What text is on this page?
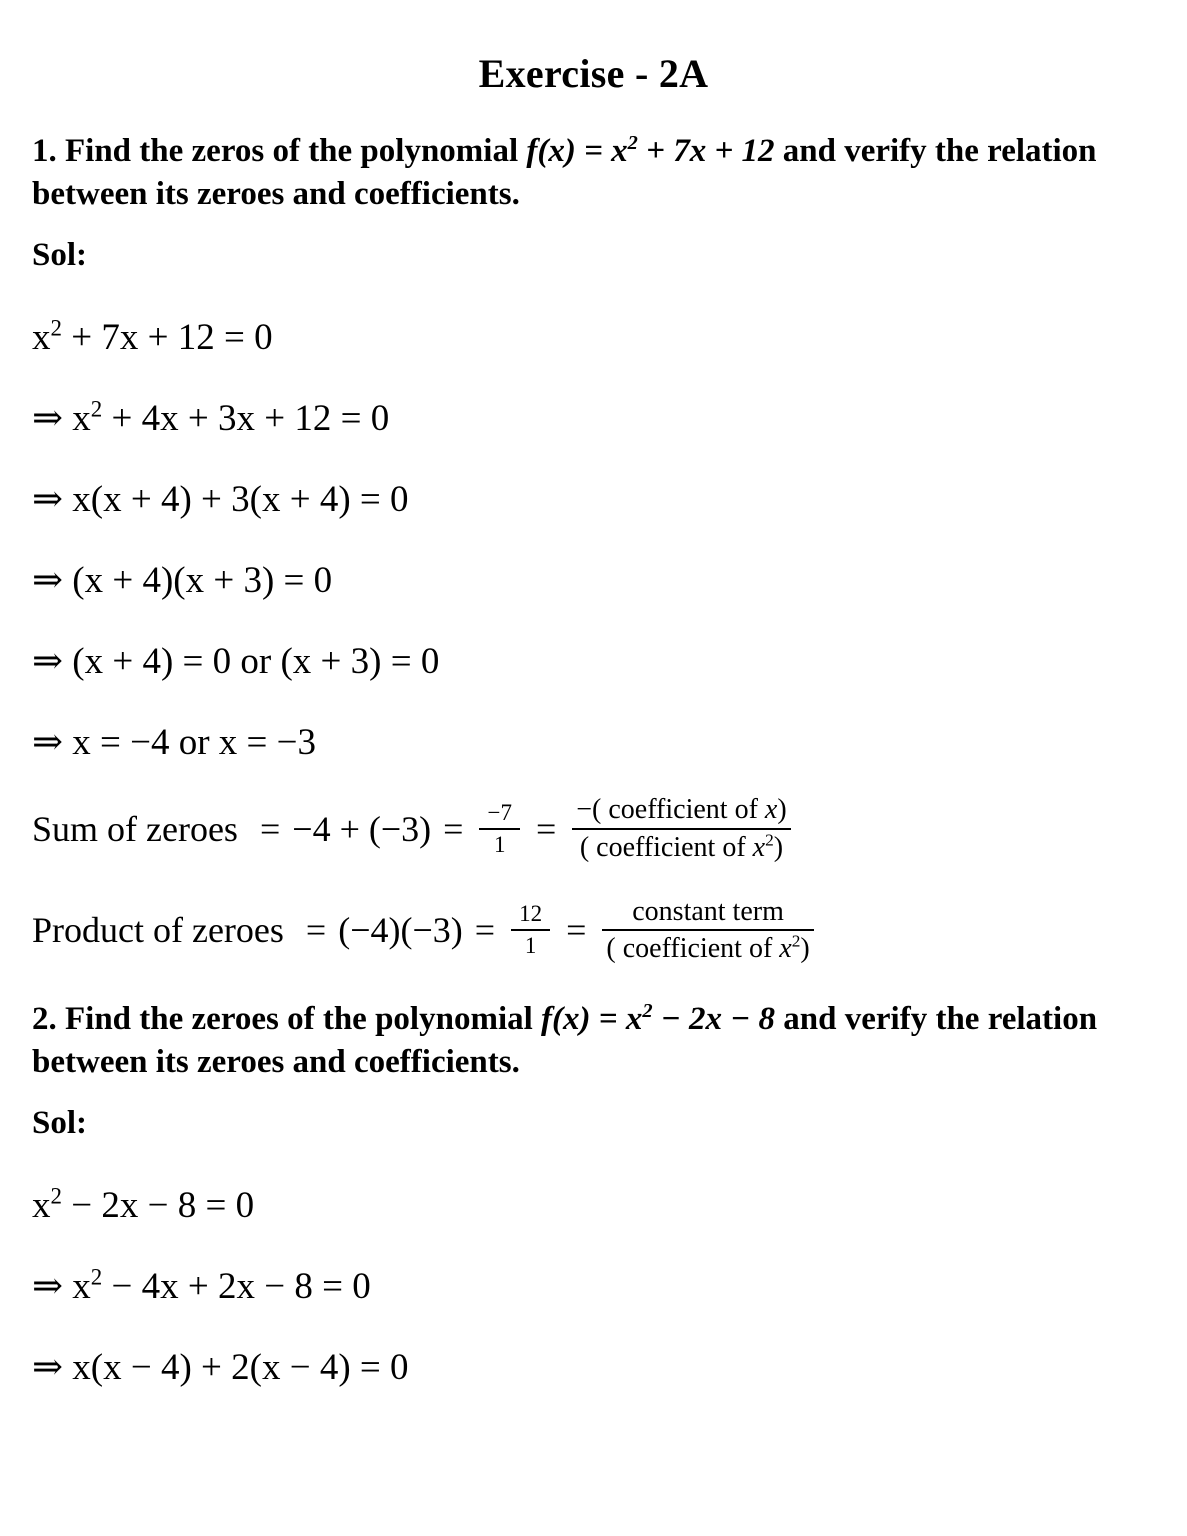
Exercise - 2A
1. Find the zeros of the polynomial $f(x) = x^2 + 7x + 12$ and verify the relation between its zeroes and coefficients.
Sol:
$x^2 + 7x + 12 = 0$
⇒ $x^2 + 4x + 3x + 12 = 0$
⇒ x(x + 4) + 3(x + 4) = 0
⇒ (x + 4)(x + 3) = 0
⇒ (x + 4) = 0 or (x + 3) = 0
⇒ x = −4 or x = −3
Sum of zeroes = $-4 + (-3) = \frac{-7}{1} = \frac{\text{−( coefficient of x)}}{( coefficient of x^2)}$
Product of zeroes = $(-4)(-3) = \frac{12}{1} = \frac{\text{constant term}}{( coefficient of x^2)}$
2. Find the zeroes of the polynomial $f(x) = x^2 - 2x - 8$ and verify the relation between its zeroes and coefficients.
Sol:
$x^2 - 2x - 8 = 0$
⇒ $x^2 - 4x + 2x - 8 = 0$
⇒ x(x − 4) + 2(x − 4) = 0
